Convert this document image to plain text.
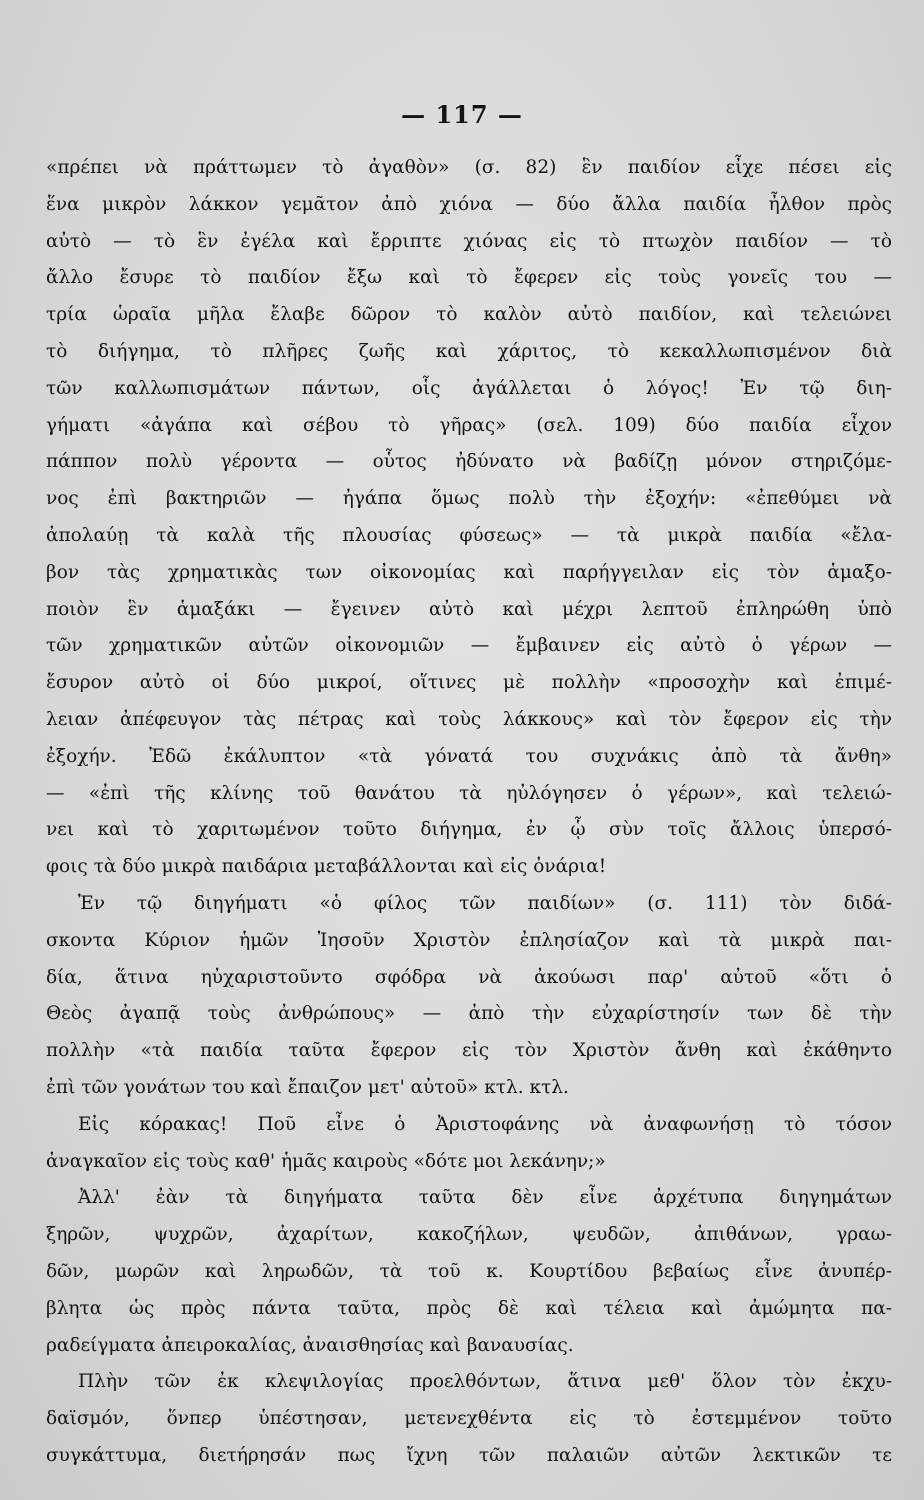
— 117 —
«πρέπει νὰ πράττωμεν τὸ ἀγαθὸν» (σ. 82) ἓν παιδίον εἶχε πέσει εἰς
ἕνα μικρὸν λάκκον γεμᾶτον ἀπὸ χιόνα — δύο ἄλλα παιδία ἦλθον πρὸς
αὐτὸ — τὸ ἓν ἐγέλα καὶ ἔρριπτε χιόνας εἰς τὸ πτωχὸν παιδίον — τὸ
ἄλλο ἔσυρε τὸ παιδίον ἔξω καὶ τὸ ἔφερεν εἰς τοὺς γονεῖς του —
τρία ὡραῖα μῆλα ἔλαβε δῶρον τὸ καλὸν αὐτὸ παιδίον, καὶ τελειώνει
τὸ διήγημα, τὸ πλῆρες ζωῆς καὶ χάριτος, τὸ κεκαλλωπισμένον διὰ
τῶν καλλωπισμάτων πάντων, οἷς ἀγάλλεται ὁ λόγος! Ἐν τῷ διη-
γήματι «ἀγάπα καὶ σέβου τὸ γῆρας» (σελ. 109) δύο παιδία εἶχον
πάππον πολὺ γέροντα — οὗτος ἠδύνατο νὰ βαδίζῃ μόνον στηριζόμε-
νος ἐπὶ βακτηριῶν — ἠγάπα ὅμως πολὺ τὴν ἐξοχήν: «ἐπεθύμει νὰ
ἀπολαύῃ τὰ καλὰ τῆς πλουσίας φύσεως» — τὰ μικρὰ παιδία «ἔλα-
βον τὰς χρηματικὰς των οἰκονομίας καὶ παρήγγειλαν εἰς τὸν ἁμαξο-
ποιὸν ἓν ἁμαξάκι — ἔγεινεν αὐτὸ καὶ μέχρι λεπτοῦ ἐπληρώθη ὑπὸ
τῶν χρηματικῶν αὐτῶν οἰκονομιῶν — ἔμβαινεν εἰς αὐτὸ ὁ γέρων —
ἔσυρον αὐτὸ οἱ δύο μικροί, οἵτινες μὲ πολλὴν «προσοχὴν καὶ ἐπιμέ-
λειαν ἀπέφευγον τὰς πέτρας καὶ τοὺς λάκκους» καὶ τὸν ἔφερον εἰς τὴν
ἐξοχήν. Ἐδῶ ἐκάλυπτον «τὰ γόνατά του συχνάκις ἀπὸ τὰ ἄνθη»
— «ἐπὶ τῆς κλίνης τοῦ θανάτου τὰ ηὐλόγησεν ὁ γέρων», καὶ τελειώ-
νει καὶ τὸ χαριτωμένον τοῦτο διήγημα, ἐν ᾧ σὺν τοῖς ἄλλοις ὑπερσό-
φοις τὰ δύο μικρὰ παιδάρια μεταβάλλονται καὶ εἰς ὀνάρια!
Ἐν τῷ διηγήματι «ὁ φίλος τῶν παιδίων» (σ. 111) τὸν διδά-
σκοντα Κύριον ἡμῶν Ἰησοῦν Χριστὸν ἐπλησίαζον καὶ τὰ μικρὰ παι-
δία, ἅτινα ηὐχαριστοῦντο σφόδρα νὰ ἀκούωσι παρ' αὐτοῦ «ὅτι ὁ
Θεὸς ἀγαπᾷ τοὺς ἀνθρώπους» — ἀπὸ τὴν εὐχαρίστησίν των δὲ τὴν
πολλὴν «τὰ παιδία ταῦτα ἔφερον εἰς τὸν Χριστὸν ἄνθη καὶ ἐκάθηντο
ἐπὶ τῶν γονάτων του καὶ ἔπαιζον μετ' αὐτοῦ» κτλ. κτλ.
Εἰς κόρακας! Ποῦ εἶνε ὁ Ἀριστοφάνης νὰ ἀναφωνήσῃ τὸ τόσον
ἀναγκαῖον εἰς τοὺς καθ' ἡμᾶς καιροὺς «δότε μοι λεκάνην;»
Ἀλλ' ἐὰν τὰ διηγήματα ταῦτα δὲν εἶνε ἀρχέτυπα διηγημάτων
ξηρῶν, ψυχρῶν, ἀχαρίτων, κακοζήλων, ψευδῶν, ἀπιθάνων, γραω-
δῶν, μωρῶν καὶ ληρωδῶν, τὰ τοῦ κ. Κουρτίδου βεβαίως εἶνε ἀνυπέρ-
βλητα ὡς πρὸς πάντα ταῦτα, πρὸς δὲ καὶ τέλεια καὶ ἀμώμητα πα-
ραδείγματα ἀπειροκαλίας, ἀναισθησίας καὶ βαναυσίας.
Πλὴν τῶν ἐκ κλεψιλογίας προελθόντων, ἅτινα μεθ' ὅλον τὸν ἐκχυ-
δαϊσμόν, ὅνπερ ὑπέστησαν, μετενεχθέντα εἰς τὸ ἐστεμμένον τοῦτο
συγκάττυμα, διετήρησάν πως ἴχνη τῶν παλαιῶν αὐτῶν λεκτικῶν τε
